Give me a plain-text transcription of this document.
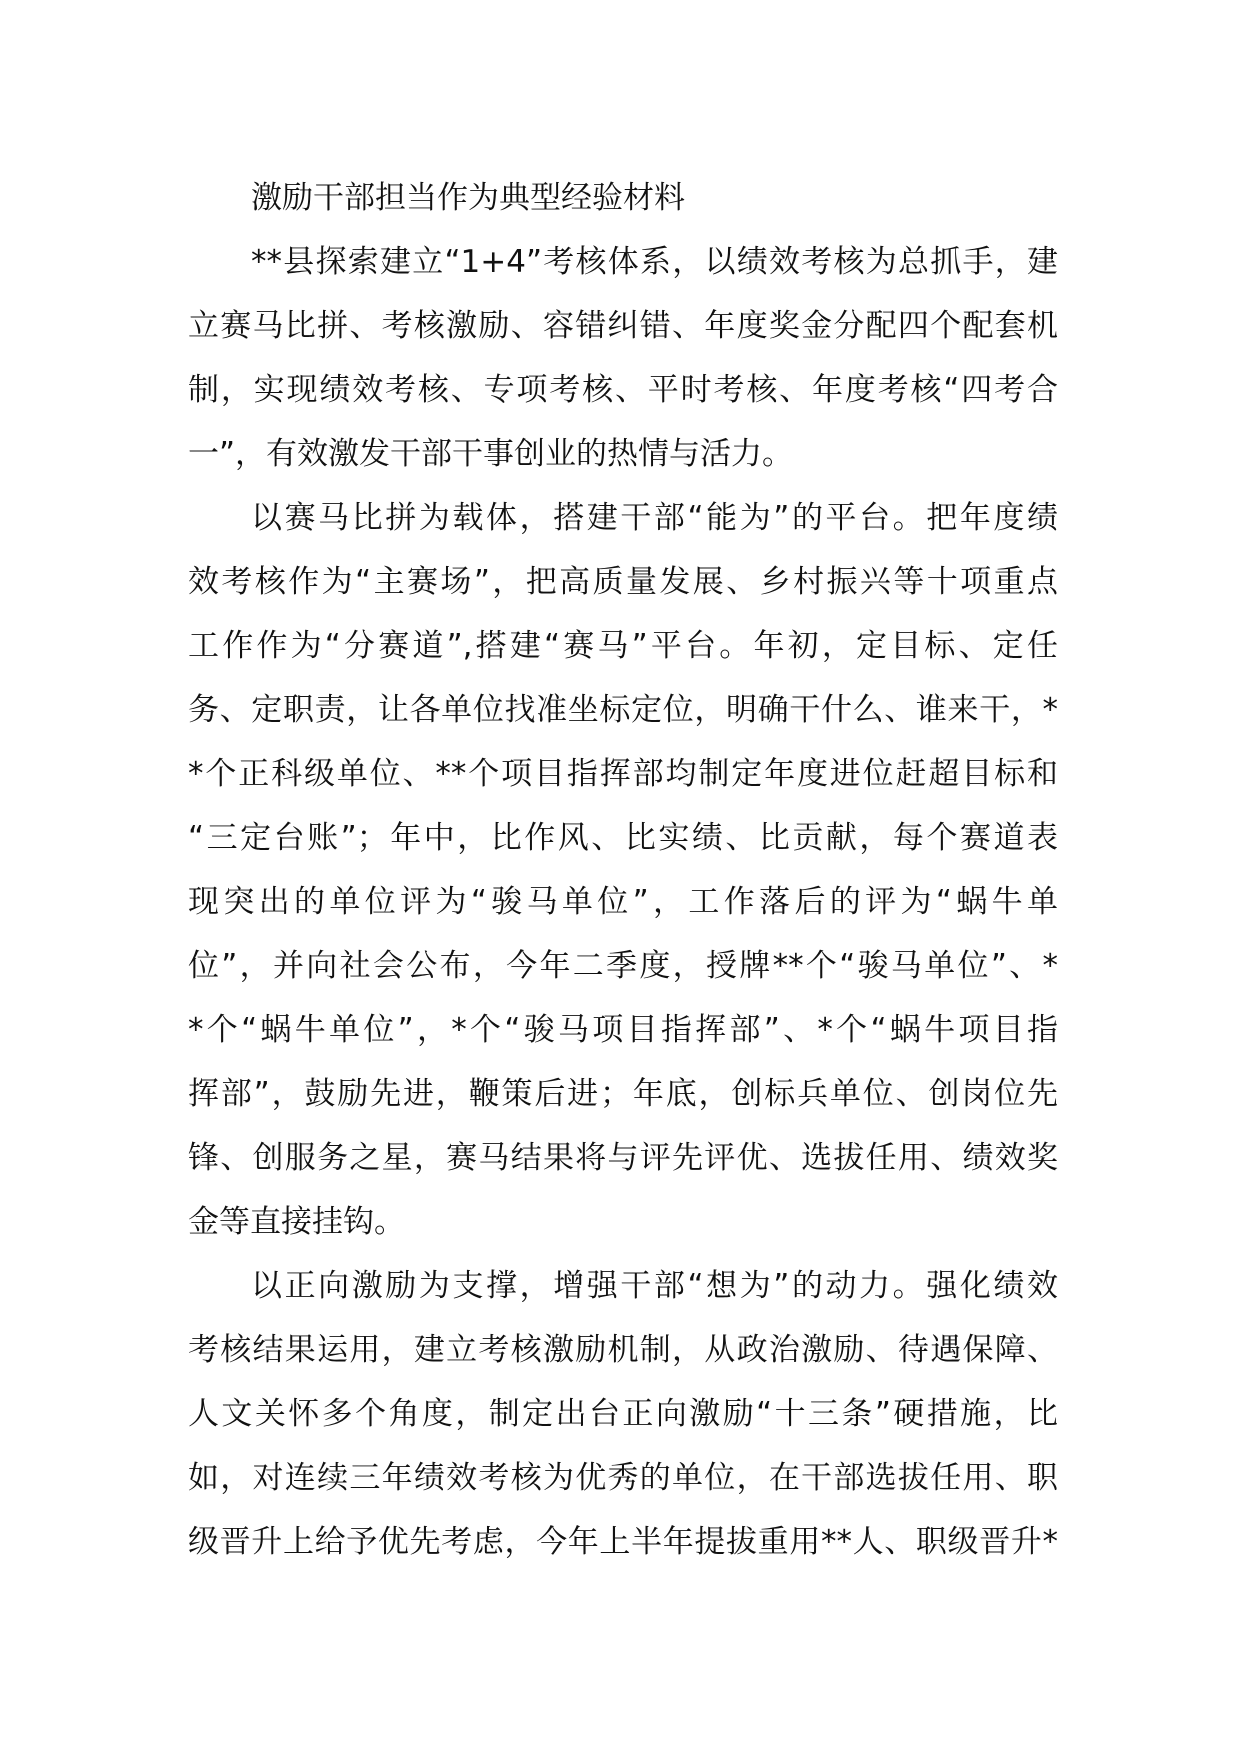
激励干部担当作为典型经验材料
**县探索建立“1+4”考核体系，以绩效考核为总抓手，建
立赛马比拼、考核激励、容错纠错、年度奖金分配四个配套机
制，实现绩效考核、专项考核、平时考核、年度考核“四考合
一”，有效激发干部干事创业的热情与活力。
以赛马比拼为载体，搭建干部“能为”的平台。把年度绩
效考核作为“主赛场”，把高质量发展、乡村振兴等十项重点
工作作为“分赛道”,搭建“赛马”平台。年初，定目标、定任
务、定职责，让各单位找准坐标定位，明确干什么、谁来干，*
*个正科级单位、**个项目指挥部均制定年度进位赶超目标和
“三定台账”；年中，比作风、比实绩、比贡献，每个赛道表
现突出的单位评为“骏马单位”，工作落后的评为“蜗牛单
位”，并向社会公布，今年二季度，授牌**个“骏马单位”、*
*个“蜗牛单位”，*个“骏马项目指挥部”、*个“蜗牛项目指
挥部”，鼓励先进，鞭策后进；年底，创标兵单位、创岗位先
锋、创服务之星，赛马结果将与评先评优、选拔任用、绩效奖
金等直接挂钩。
以正向激励为支撑，增强干部“想为”的动力。强化绩效
考核结果运用，建立考核激励机制，从政治激励、待遇保障、
人文关怀多个角度，制定出台正向激励“十三条”硬措施，比
如，对连续三年绩效考核为优秀的单位，在干部选拔任用、职
级晋升上给予优先考虑，今年上半年提拔重用**人、职级晋升*
